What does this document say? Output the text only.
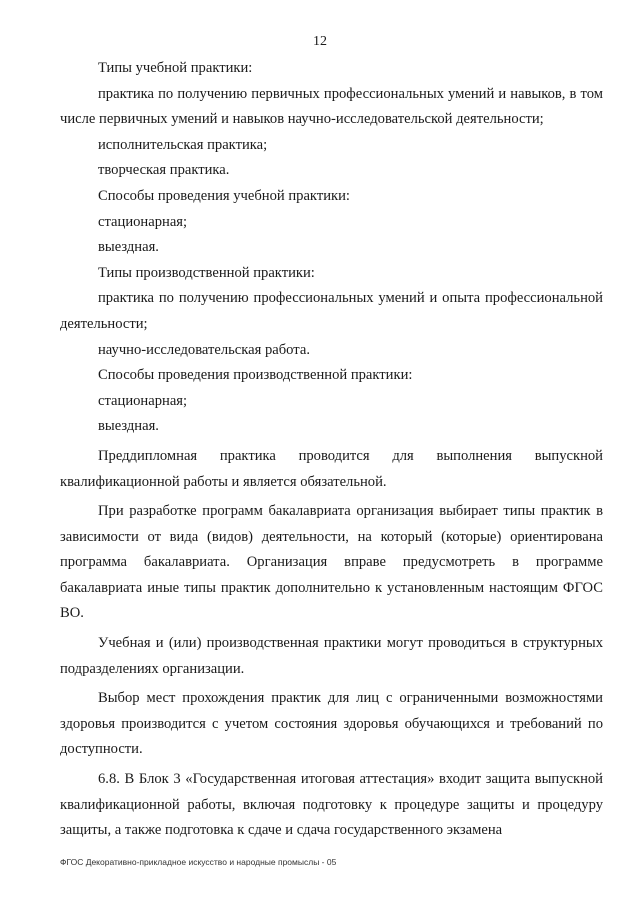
12

Типы учебной практики:

практика по получению первичных профессиональных умений и навыков, в том числе первичных умений и навыков научно-исследовательской деятельности;

исполнительская практика;

творческая практика.

Способы проведения учебной практики:

стационарная;

выездная.

Типы производственной практики:

практика по получению профессиональных умений и опыта профессиональной деятельности;

научно-исследовательская работа.

Способы проведения производственной практики:

стационарная;

выездная.

Преддипломная практика проводится для выполнения выпускной квалификационной работы и является обязательной.

При разработке программ бакалавриата организация выбирает типы практик в зависимости от вида (видов) деятельности, на который (которые) ориентирована программа бакалавриата. Организация вправе предусмотреть в программе бакалавриата иные типы практик дополнительно к установленным настоящим ФГОС ВО.

Учебная и (или) производственная практики могут проводиться в структурных подразделениях организации.

Выбор мест прохождения практик для лиц с ограниченными возможностями здоровья производится с учетом состояния здоровья обучающихся и требований по доступности.

6.8. В Блок 3 «Государственная итоговая аттестация» входит защита выпускной квалификационной работы, включая подготовку к процедуре защиты и процедуру защиты, а также подготовка к сдаче и сдача государственного экзамена

ФГОС Декоративно-прикладное искусство и народные промыслы - 05
